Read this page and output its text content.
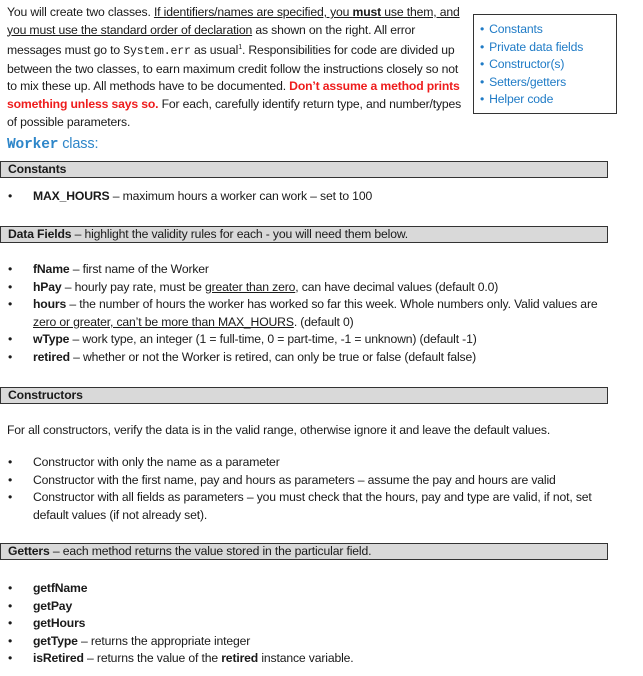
You will create two classes. If identifiers/names are specified, you must use them, and you must use the standard order of declaration as shown on the right. All error messages must go to System.err as usual$^1$. Responsibilities for code are divided up between the two classes, to earn maximum credit follow the instructions closely so not to mix these up. All methods have to be documented. Don’t assume a method prints something unless says so. For each, carefully identify return type, and number/types of possible parameters.
• Constants
• Private data fields
• Constructor(s)
• Setters/getters
• Helper code
Worker class:
Constants
• MAX_HOURS – maximum hours a worker can work – set to 100
Data Fields – highlight the validity rules for each - you will need them below.
• fName – first name of the Worker
• hPay – hourly pay rate, must be greater than zero, can have decimal values (default 0.0)
• hours – the number of hours the worker has worked so far this week. Whole numbers only. Valid values are zero or greater, can’t be more than MAX_HOURS. (default 0)
• wType – work type, an integer (1 = full-time, 0 = part-time, -1 = unknown) (default -1)
• retired – whether or not the Worker is retired, can only be true or false (default false)
Constructors
For all constructors, verify the data is in the valid range, otherwise ignore it and leave the default values.
• Constructor with only the name as a parameter
• Constructor with the first name, pay and hours as parameters – assume the pay and hours are valid
• Constructor with all fields as parameters – you must check that the hours, pay and type are valid, if not, set default values (if not already set).
Getters – each method returns the value stored in the particular field.
• getfName
• getPay
• getHours
• getType – returns the appropriate integer
• isRetired – returns the value of the retired instance variable.
